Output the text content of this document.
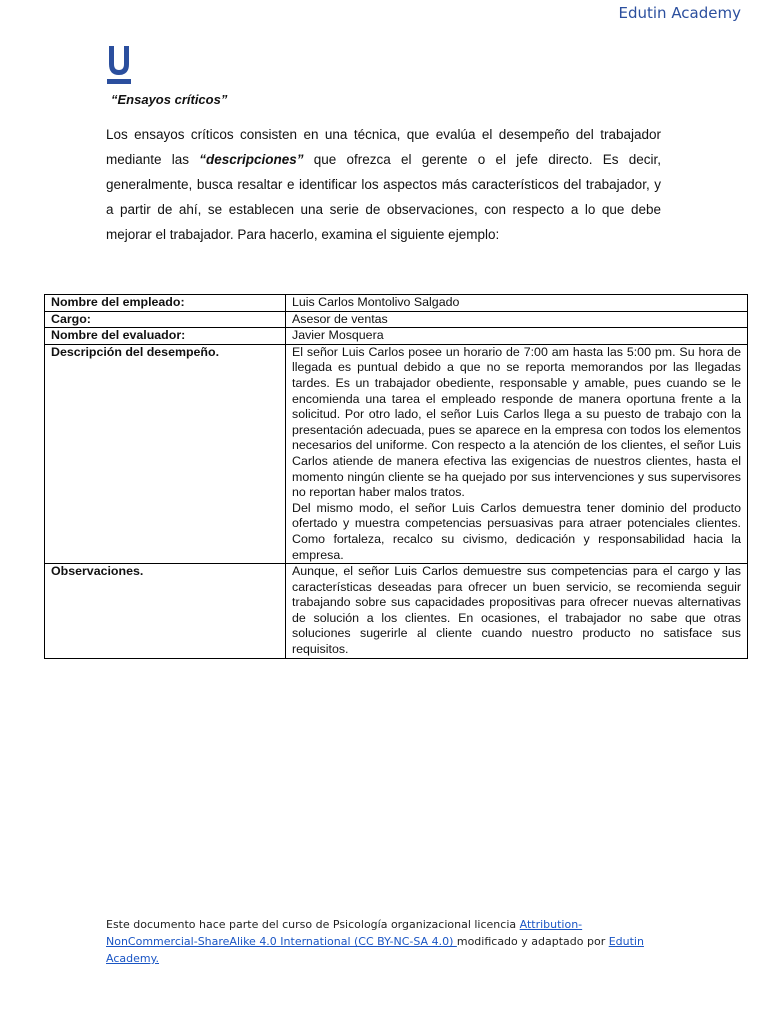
Edutin Academy
“Ensayos críticos”

Los ensayos críticos consisten en una técnica, que evalúa el desempeño del trabajador mediante las “descripciones” que ofrezca el gerente o el jefe directo. Es decir, generalmente, busca resaltar e identificar los aspectos más característicos del trabajador, y a partir de ahí, se establecen una serie de observaciones, con respecto a lo que debe mejorar el trabajador. Para hacerlo, examina el siguiente ejemplo:

Nombre del empleado:	Luis Carlos Montolivo Salgado
Cargo:	Asesor de ventas
Nombre del evaluador:	Javier Mosquera
Descripción del desempeño.	El señor Luis Carlos posee un horario de 7:00 am hasta las 5:00 pm. Su hora de llegada es puntual debido a que no se reporta memorandos por las llegadas tardes. Es un trabajador obediente, responsable y amable, pues cuando se le encomienda una tarea el empleado responde de manera oportuna frente a la solicitud. Por otro lado, el señor Luis Carlos llega a su puesto de trabajo con la presentación adecuada, pues se aparece en la empresa con todos los elementos necesarios del uniforme. Con respecto a la atención de los clientes, el señor Luis Carlos atiende de manera efectiva las exigencias de nuestros clientes, hasta el momento ningún cliente se ha quejado por sus intervenciones y sus supervisores no reportan haber malos tratos.
Del mismo modo, el señor Luis Carlos demuestra tener dominio del producto ofertado y muestra competencias persuasivas para atraer potenciales clientes. Como fortaleza, recalco su civismo, dedicación y responsabilidad hacia la empresa.
Observaciones.	Aunque, el señor Luis Carlos demuestre sus competencias para el cargo y las características deseadas para ofrecer un buen servicio, se recomienda seguir trabajando sobre sus capacidades propositivas para ofrecer nuevas alternativas de solución a los clientes. En ocasiones, el trabajador no sabe que otras soluciones sugerirle al cliente cuando nuestro producto no satisface sus requisitos.
Este documento hace parte del curso de Psicología organizacional licencia Attribution-NonCommercial-ShareAlike 4.0 International (CC BY-NC-SA 4.0) modificado y adaptado por Edutin Academy.
